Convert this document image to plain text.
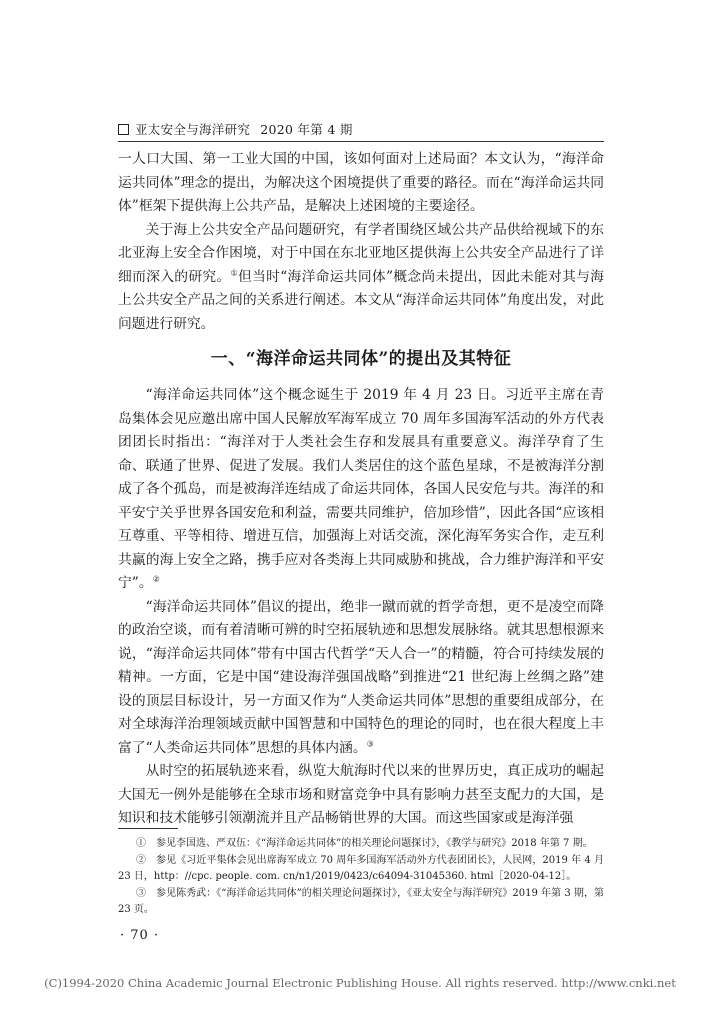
亚太安全与海洋研究 2020 年第 4 期

一人口大国、第一工业大国的中国，该如何面对上述局面？本文认为，“海洋命运共同体”理念的提出，为解决这个困境提供了重要的路径。而在“海洋命运共同体”框架下提供海上公共产品，是解决上述困境的主要途径。

关于海上公共安全产品问题研究，有学者围绕区域公共产品供给视域下的东北亚海上安全合作困境，对于中国在东北亚地区提供海上公共安全产品进行了详细而深入的研究。①但当时“海洋命运共同体”概念尚未提出，因此未能对其与海上公共安全产品之间的关系进行阐述。本文从“海洋命运共同体”角度出发，对此问题进行研究。

一、“海洋命运共同体”的提出及其特征

“海洋命运共同体”这个概念诞生于 2019 年 4 月 23 日。习近平主席在青岛集体会见应邀出席中国人民解放军海军成立 70 周年多国海军活动的外方代表团团长时指出：“海洋对于人类社会生存和发展具有重要意义。海洋孕育了生命、联通了世界、促进了发展。我们人类居住的这个蓝色星球，不是被海洋分割成了各个孤岛，而是被海洋连结成了命运共同体，各国人民安危与共。海洋的和平安宁关乎世界各国安危和利益，需要共同维护，倍加珍惜”，因此各国“应该相互尊重、平等相待、增进互信，加强海上对话交流，深化海军务实合作，走互利共赢的海上安全之路，携手应对各类海上共同威胁和挑战，合力维护海洋和平安宁”。②

“海洋命运共同体”倡议的提出，绝非一蹴而就的哲学奇想，更不是凌空而降的政治空谈，而有着清晰可辨的时空拓展轨迹和思想发展脉络。就其思想根源来说，“海洋命运共同体”带有中国古代哲学“天人合一”的精髓，符合可持续发展的精神。一方面，它是中国“建设海洋强国战略”到推进“21 世纪海上丝绸之路”建设的顶层目标设计，另一方面又作为“人类命运共同体”思想的重要组成部分，在对全球海洋治理领域贡献中国智慧和中国特色的理论的同时，也在很大程度上丰富了“人类命运共同体”思想的具体内涵。③

从时空的拓展轨迹来看，纵览大航海时代以来的世界历史，真正成功的崛起大国无一例外是能够在全球市场和财富竞争中具有影响力甚至支配力的大国，是知识和技术能够引领潮流并且产品畅销世界的大国。而这些国家或是海洋强

①　参见李国选、严双伍：《“海洋命运共同体”的相关理论问题探讨》，《教学与研究》2018 年第 7 期。

②　参见《习近平集体会见出席海军成立 70 周年多国海军活动外方代表团团长》，人民网，2019 年 4 月 23 日，http：//cpc. people. com. cn/n1/2019/0423/c64094-31045360. html［2020-04-12］。

③　参见陈秀武：《“海洋命运共同体”的相关理论问题探讨》，《亚太安全与海洋研究》2019 年第 3 期，第 23 页。

· 70 ·
(C)1994-2020 China Academic Journal Electronic Publishing House. All rights reserved. http://www.cnki.net
